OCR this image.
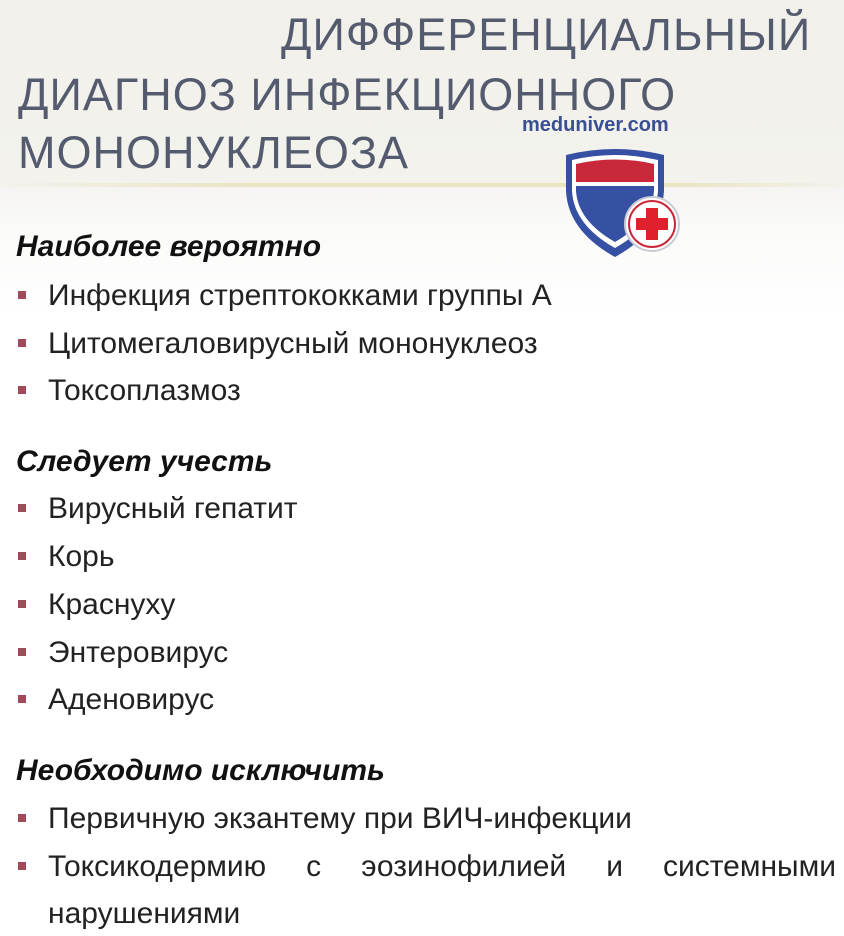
ДИФФЕРЕНЦИАЛЬНЫЙ
ДИАГНОЗ ИНФЕКЦИОННОГО
МОНОНУКЛЕОЗА
meduniver.com
Наиболее вероятно
Инфекция стрептококками группы А
Цитомегаловирусный мононуклеоз
Токсоплазмоз
Следует учесть
Вирусный гепатит
Корь
Краснуху
Энтеровирус
Аденовирус
Необходимо исключить
Первичную экзантему при ВИЧ-инфекции
Токсикодермию с эозинофилией и системными
нарушениями
